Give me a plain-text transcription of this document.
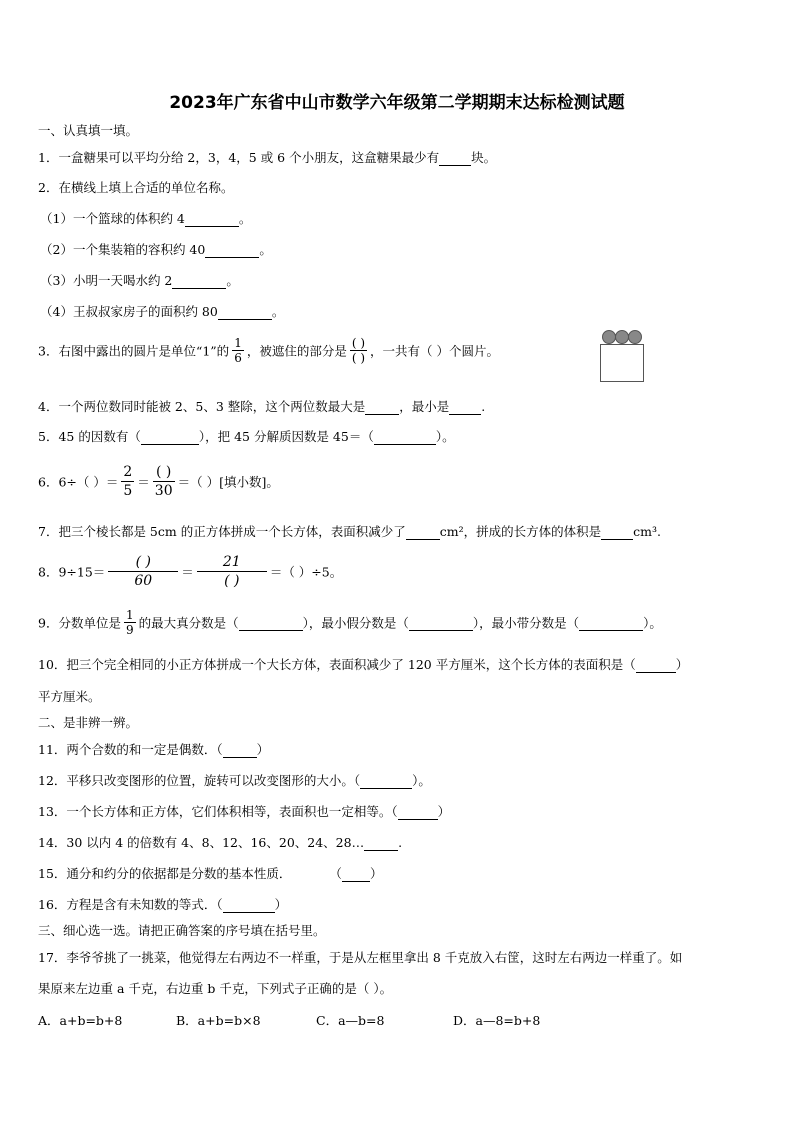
2023年广东省中山市数学六年级第二学期期末达标检测试题
一、认真填一填。
1．一盒糖果可以平均分给 2，3，4，5 或 6 个小朋友，这盒糖果最少有	块。
2．在横线上填上合适的单位名称。
（1）一个篮球的体积约 4	。
（2）一个集装箱的容积约 40	。
（3）小明一天喝水约 2	。
（4）王叔叔家房子的面积约 80	。
3．右图中露出的圆片是单位“1”的 $\frac{1}{6}$ ，被遮住的部分是 $\frac{( )}{( )}$ ，一共有（ ）个圆片。
4．一个两位数同时能被 2、5、3 整除，这个两位数最大是	，最小是	.
5．45 的因数有（	），把 45 分解质因数是 45＝（	）。
6．6÷（ ）＝ $\frac{2}{5} = \frac{( )}{30}$ ＝（ ）[填小数]。
7．把三个棱长都是 5cm 的正方体拼成一个长方体，表面积减少了	cm²，拼成的长方体的体积是	cm³.
8．$9\div 15= \frac{( )}{60} = \frac{21}{( )}$ ＝（ ）÷5。
9．分数单位是 $\frac{1}{9}$ 的最大真分数是（	），最小假分数是（	），最小带分数是（	）。
10．把三个完全相同的小正方体拼成一个大长方体，表面积减少了 120 平方厘米，这个长方体的表面积是（	）
平方厘米。
二、是非辨一辨。
11．两个合数的和一定是偶数．（	）
12．平移只改变图形的位置，旋转可以改变图形的大小。（	）。
13．一个长方体和正方体，它们体积相等，表面积也一定相等。（	）
14．30 以内 4 的倍数有 4、8、12、16、20、24、28…	.
15．通分和约分的依据都是分数的基本性质．	（ ）
16．方程是含有未知数的等式．（	）
三、细心选一选。请把正确答案的序号填在括号里。
17．李爷爷挑了一挑菜，他觉得左右两边不一样重，于是从左框里拿出 8 千克放入右筐，这时左右两边一样重了。如
果原来左边重 a 千克，右边重 b 千克，下列式子正确的是（ ）。
A．a+b=b+8	B．a+b=b×8	C．a—b=8	D．a—8=b+8
